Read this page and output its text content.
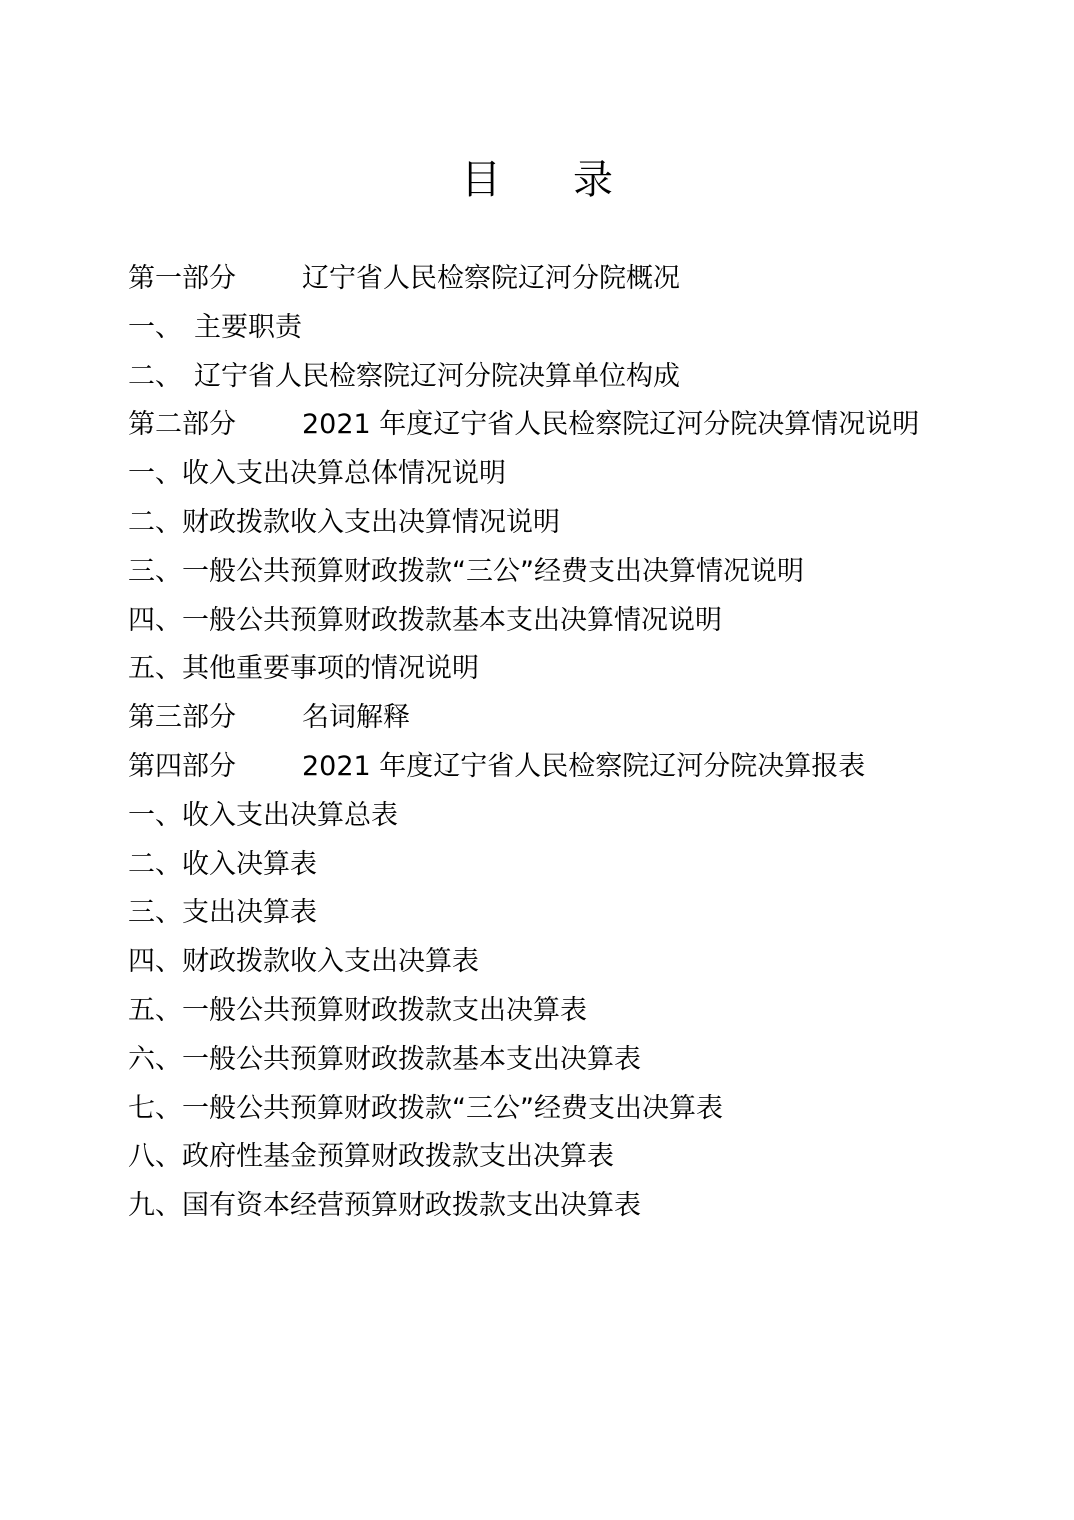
目 录
第一部分 辽宁省人民检察院辽河分院概况
一、 主要职责
二、 辽宁省人民检察院辽河分院决算单位构成
第二部分 2021 年度辽宁省人民检察院辽河分院决算情况说明
一、收入支出决算总体情况说明
二、财政拨款收入支出决算情况说明
三、一般公共预算财政拨款“三公”经费支出决算情况说明
四、一般公共预算财政拨款基本支出决算情况说明
五、其他重要事项的情况说明
第三部分 名词解释
第四部分 2021 年度辽宁省人民检察院辽河分院决算报表
一、收入支出决算总表
二、收入决算表
三、支出决算表
四、财政拨款收入支出决算表
五、一般公共预算财政拨款支出决算表
六、一般公共预算财政拨款基本支出决算表
七、一般公共预算财政拨款“三公”经费支出决算表
八、政府性基金预算财政拨款支出决算表
九、国有资本经营预算财政拨款支出决算表
